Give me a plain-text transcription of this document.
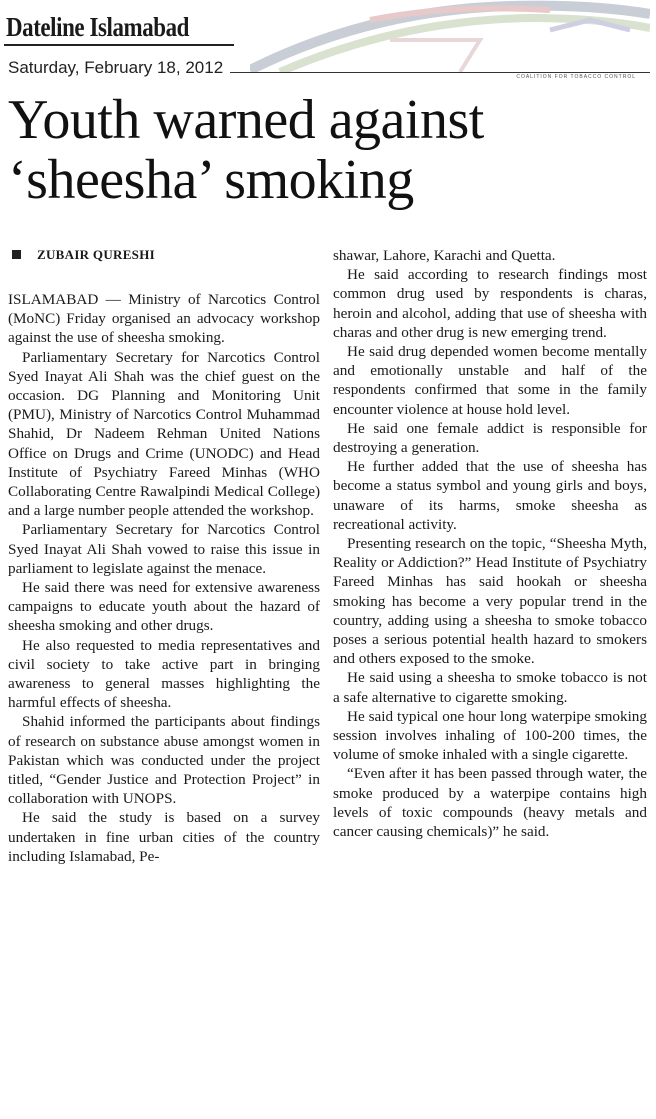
Dateline Islamabad
Saturday, February 18, 2012	COALITION FOR TOBACCO CONTROL
Youth warned against
‘sheesha’ smoking
ZUBAIR QURESHI

ISLAMABAD — Ministry of Narcotics Control (MoNC) Friday organised an advocacy workshop against the use of sheesha smoking.

Parliamentary Secretary for Narcotics Control Syed Inayat Ali Shah was the chief guest on the occasion. DG Planning and Monitoring Unit (PMU), Ministry of Narcotics Control Muhammad Shahid, Dr Nadeem Rehman United Nations Office on Drugs and Crime (UNODC) and Head Institute of Psychiatry Fareed Minhas (WHO Collaborating Centre Rawalpindi Medical College) and a large number people attended the workshop.

Parliamentary Secretary for Narcotics Control Syed Inayat Ali Shah vowed to raise this issue in parliament to legislate against the menace.

He said there was need for extensive awareness campaigns to educate youth about the hazard of sheesha smoking and other drugs.

He also requested to media representatives and civil society to take active part in bringing awareness to general masses highlighting the harmful effects of sheesha.

Shahid informed the participants about findings of research on substance abuse amongst women in Pakistan which was conducted under the project titled, “Gender Justice and Protection Project” in collaboration with UNOPS.

He said the study is based on a survey undertaken in fine urban cities of the country including Islamabad, Pe-

shawar, Lahore, Karachi and Quetta.

He said according to research findings most common drug used by respondents is charas, heroin and alcohol, adding that use of sheesha with charas and other drug is new emerging trend.

He said drug depended women become mentally and emotionally unstable and half of the respondents confirmed that some in the family encounter violence at house hold level.

He said one female addict is responsible for destroying a generation.

He further added that the use of sheesha has become a status symbol and young girls and boys, unaware of its harms, smoke sheesha as recreational activity.

Presenting research on the topic, “Sheesha Myth, Reality or Addiction?” Head Institute of Psychiatry Fareed Minhas has said hookah or sheesha smoking has become a very popular trend in the country, adding using a sheesha to smoke tobacco poses a serious potential health hazard to smokers and others exposed to the smoke.

He said using a sheesha to smoke tobacco is not a safe alternative to cigarette smoking.

He said typical one hour long waterpipe smoking session involves inhaling of 100-200 times, the volume of smoke inhaled with a single cigarette.

“Even after it has been passed through water, the smoke produced by a waterpipe contains high levels of toxic compounds (heavy metals and cancer causing chemicals)” he said.
